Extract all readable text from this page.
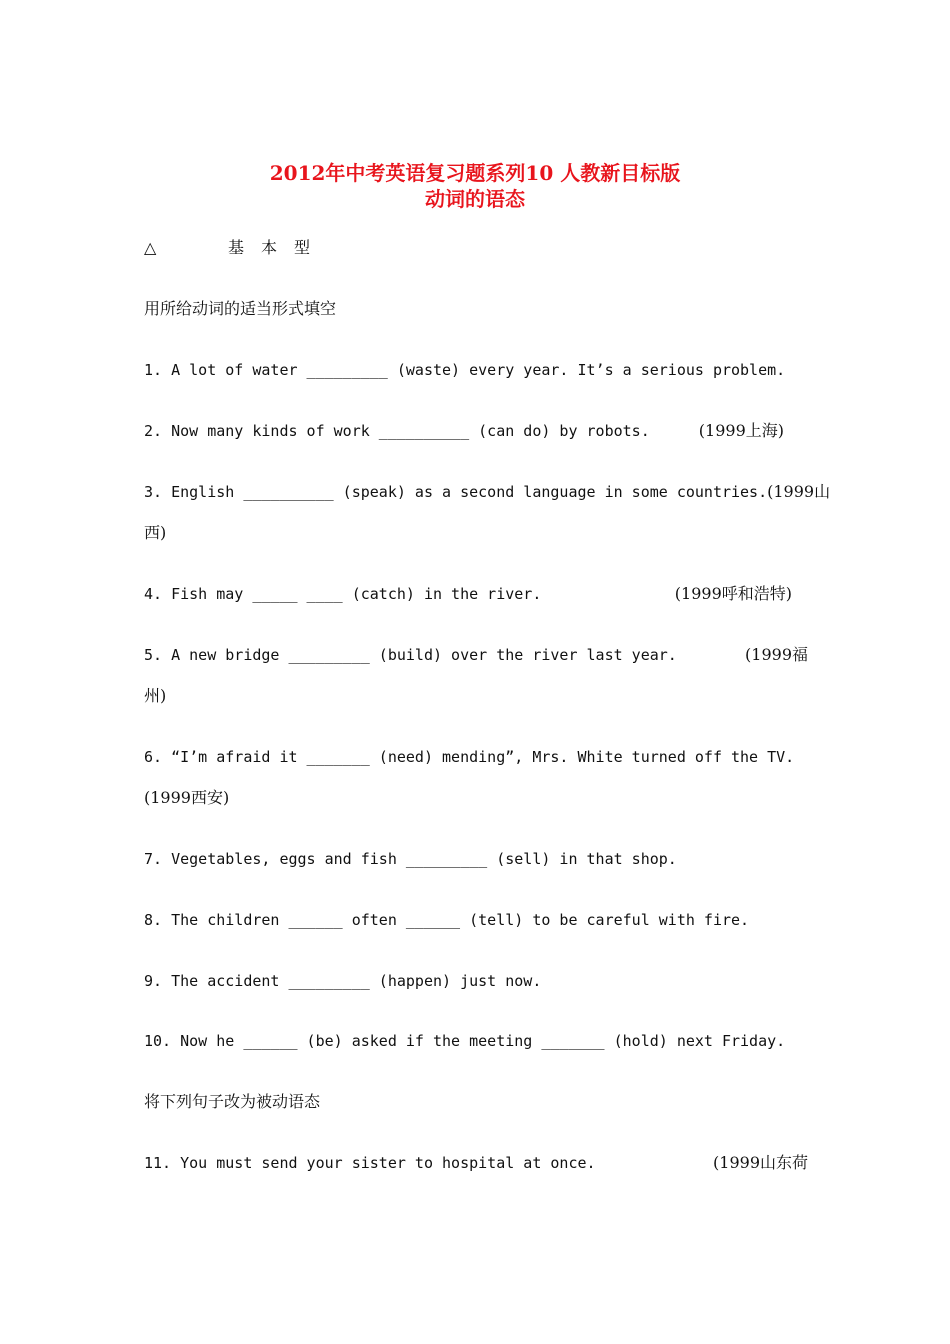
2012年中考英语复习题系列10 人教新目标版
动词的语态
△	基本型
用所给动词的适当形式填空
1. A lot of water _________ (waste) every year. It’s a serious problem.
2. Now many kinds of work __________ (can do) by robots.	(1999上海)
3. English __________ (speak) as a second language in some countries. (1999山
西)
4. Fish may _____ ____ (catch) in the river.	(1999呼和浩特)
5. A new bridge _________ (build) over the river last year.	(1999福
州)
6. “I’m afraid it _______ (need) mending”, Mrs. White turned off the TV.
(1999西安)
7. Vegetables, eggs and fish _________ (sell) in that shop.
8. The children ______ often ______ (tell) to be careful with fire.
9. The accident _________ (happen) just now.
10. Now he ______ (be) asked if the meeting _______ (hold) next Friday.
将下列句子改为被动语态
11. You must send your sister to hospital at once.	(1999山东荷
